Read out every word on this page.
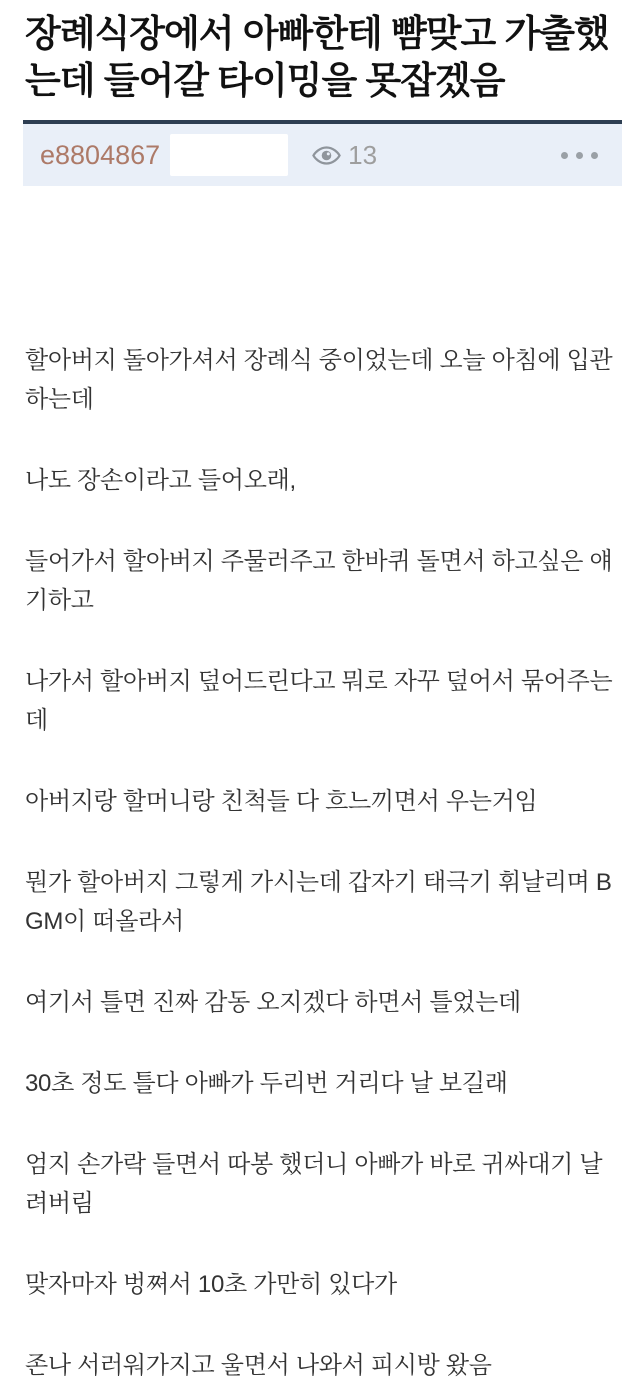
장례식장에서 아빠한테 뺨맞고 가출했는데 들어갈 타이밍을 못잡겠음
e8804867	13

할아버지 돌아가셔서 장례식 중이었는데 오늘 아침에 입관하는데

나도 장손이라고 들어오래,

들어가서 할아버지 주물러주고 한바퀴 돌면서 하고싶은 얘기하고

나가서 할아버지 덮어드린다고 뭐로 자꾸 덮어서 묶어주는데

아버지랑 할머니랑 친척들 다 흐느끼면서 우는거임

뭔가 할아버지 그렇게 가시는데 갑자기 태극기 휘날리며 BGM이 떠올라서

여기서 틀면 진짜 감동 오지겠다 하면서 틀었는데

30초 정도 틀다 아빠가 두리번 거리다 날 보길래

엄지 손가락 들면서 따봉 했더니 아빠가 바로 귀싸대기 날려버림

맞자마자 벙쪄서 10초 가만히 있다가

존나 서러워가지고 울면서 나와서 피시방 왔음
